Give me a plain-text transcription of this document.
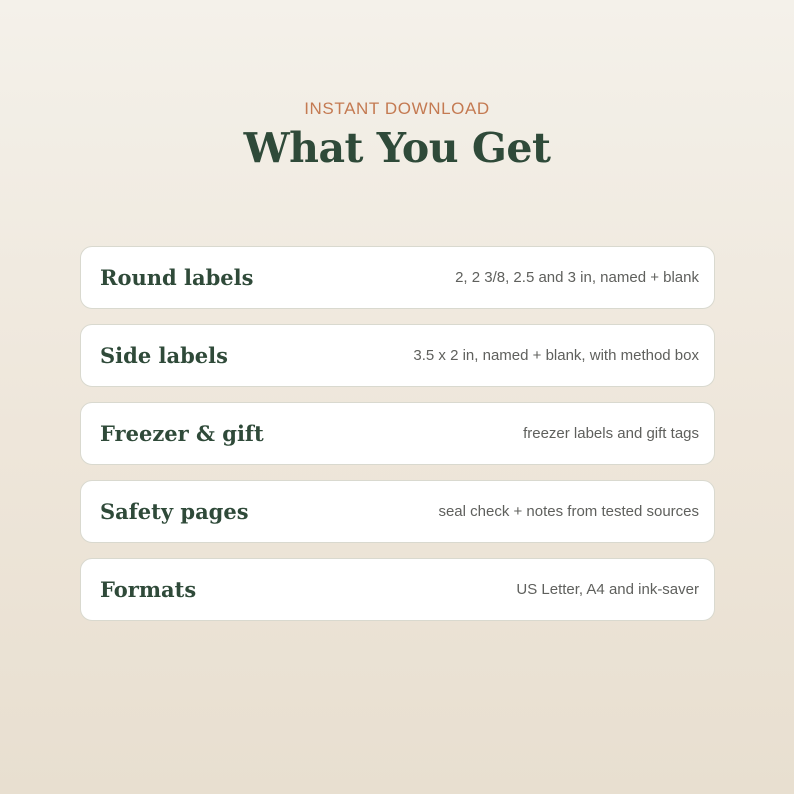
INSTANT DOWNLOAD
What You Get
Round labels	2, 2 3/8, 2.5 and 3 in, named + blank
Side labels	3.5 x 2 in, named + blank, with method box
Freezer & gift	freezer labels and gift tags
Safety pages	seal check + notes from tested sources
Formats	US Letter, A4 and ink-saver
